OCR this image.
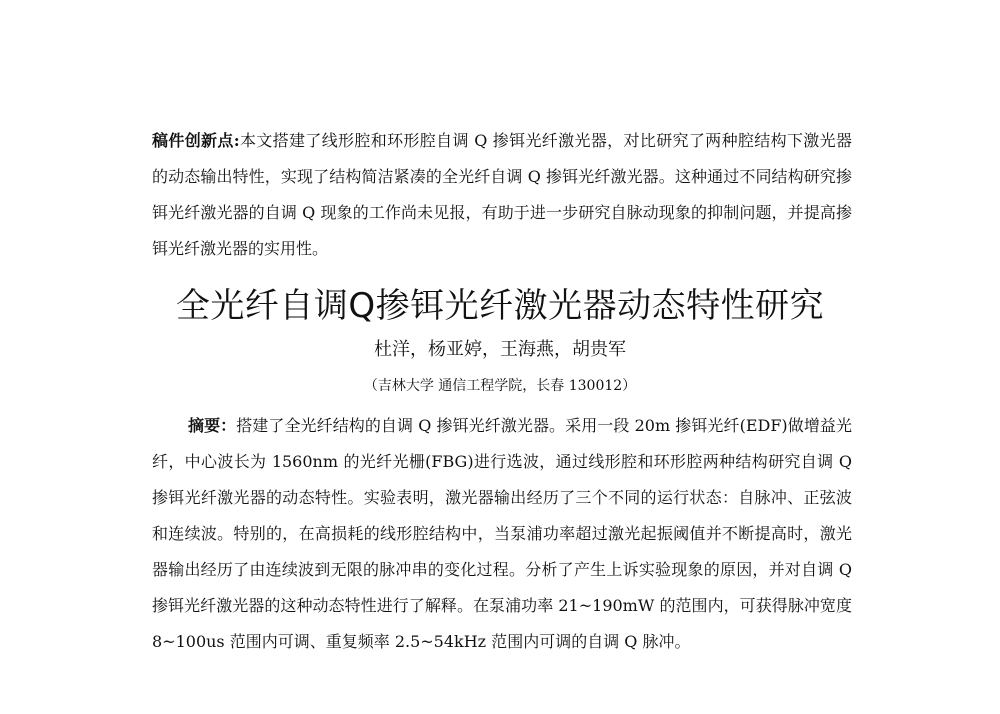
稿件创新点:本文搭建了线形腔和环形腔自调 Q 掺铒光纤激光器，对比研究了两种腔结构下激光器的动态输出特性，实现了结构简洁紧凑的全光纤自调 Q 掺铒光纤激光器。这种通过不同结构研究掺铒光纤激光器的自调 Q 现象的工作尚未见报，有助于进一步研究自脉动现象的抑制问题，并提高掺铒光纤激光器的实用性。
全光纤自调Q掺铒光纤激光器动态特性研究
杜洋，杨亚婷，王海燕，胡贵军
（吉林大学 通信工程学院，长春 130012）
摘要：搭建了全光纤结构的自调 Q 掺铒光纤激光器。采用一段 20m 掺铒光纤(EDF)做增益光纤，中心波长为 1560nm 的光纤光栅(FBG)进行选波，通过线形腔和环形腔两种结构研究自调 Q 掺铒光纤激光器的动态特性。实验表明，激光器输出经历了三个不同的运行状态：自脉冲、正弦波和连续波。特别的，在高损耗的线形腔结构中，当泵浦功率超过激光起振阈值并不断提高时，激光器输出经历了由连续波到无限的脉冲串的变化过程。分析了产生上诉实验现象的原因，并对自调 Q 掺铒光纤激光器的这种动态特性进行了解释。在泵浦功率 21~190mW 的范围内，可获得脉冲宽度 8~100us 范围内可调、重复频率 2.5~54kHz 范围内可调的自调 Q 脉冲。
